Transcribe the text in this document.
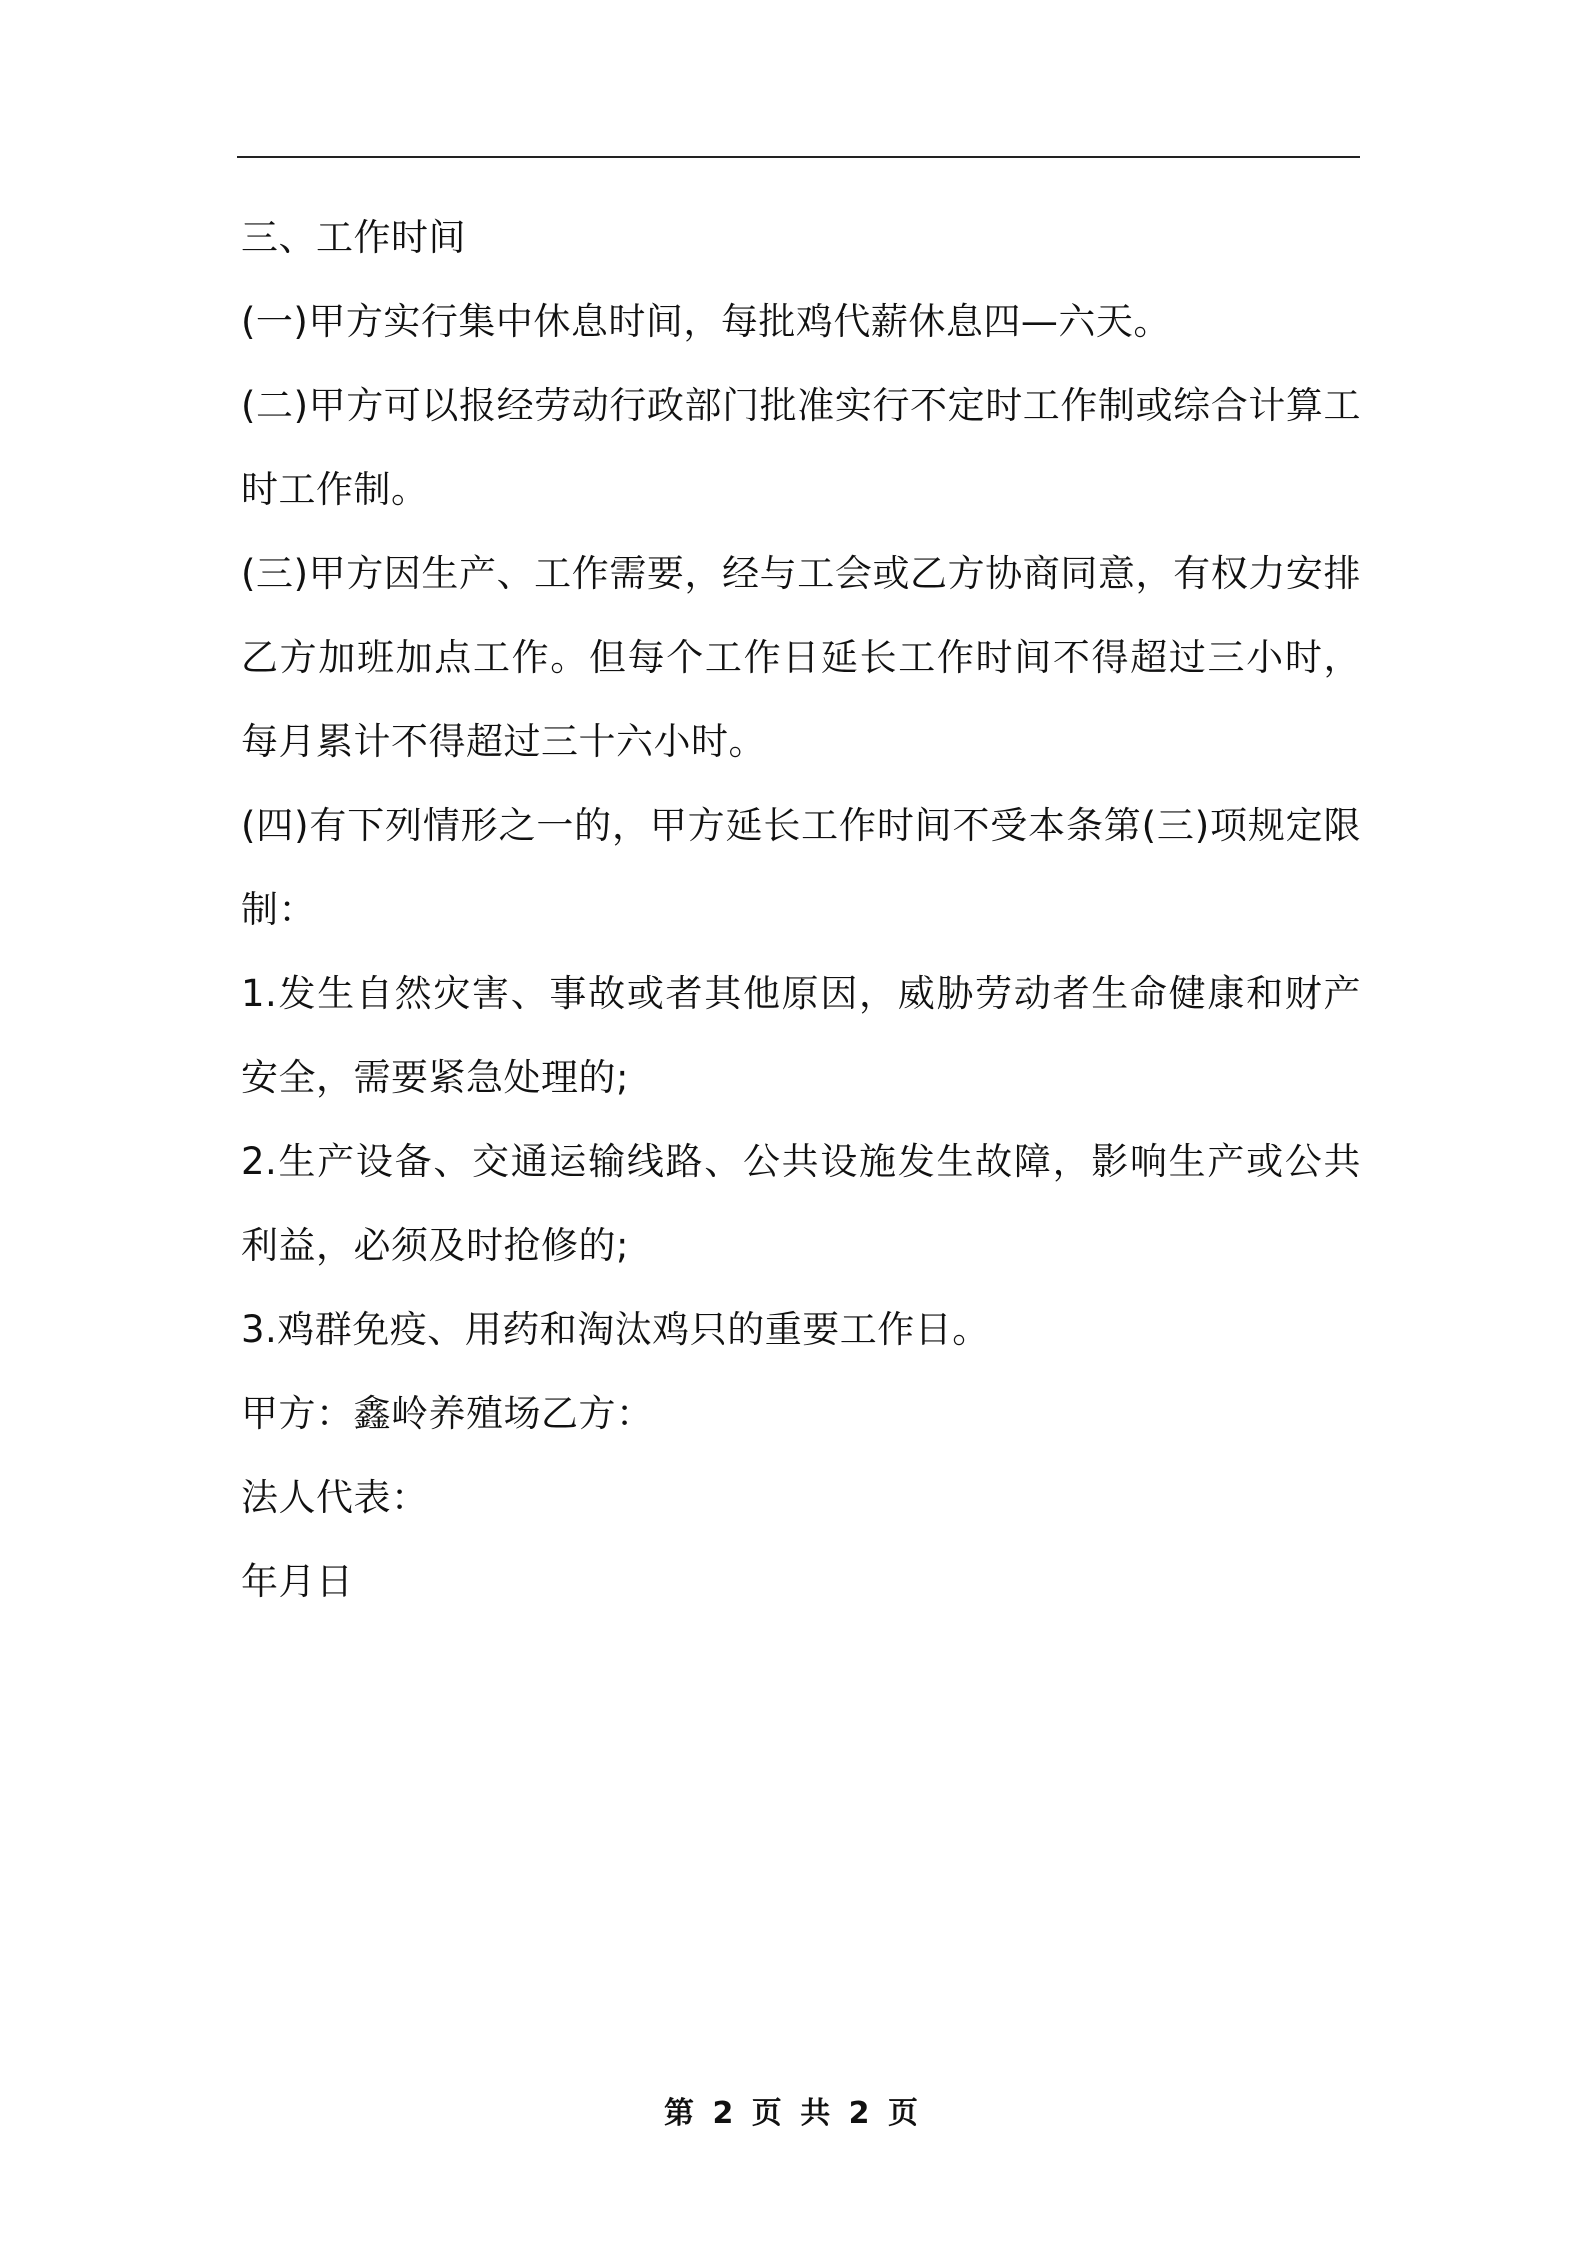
三、工作时间

(一)甲方实行集中休息时间，每批鸡代薪休息四—六天。

(二)甲方可以报经劳动行政部门批准实行不定时工作制或综合计算工时工作制。

(三)甲方因生产、工作需要，经与工会或乙方协商同意，有权力安排乙方加班加点工作。但每个工作日延长工作时间不得超过三小时，每月累计不得超过三十六小时。

(四)有下列情形之一的，甲方延长工作时间不受本条第(三)项规定限制：

1.发生自然灾害、事故或者其他原因，威胁劳动者生命健康和财产安全，需要紧急处理的;

2.生产设备、交通运输线路、公共设施发生故障，影响生产或公共利益，必须及时抢修的;

3.鸡群免疫、用药和淘汰鸡只的重要工作日。

甲方：鑫岭养殖场乙方：

法人代表：

年月日

第 2 页 共 2 页
